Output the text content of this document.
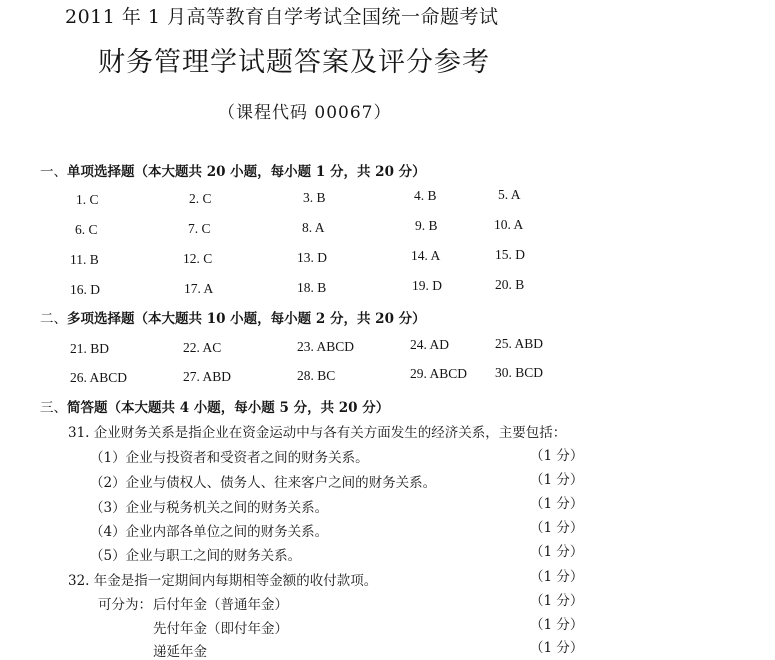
2011 年 1 月高等教育自学考试全国统一命题考试
财务管理学试题答案及评分参考
（课程代码 00067）
一、单项选择题（本大题共 20 小题，每小题 1 分，共 20 分）
1. C	2. C	3. B	4. B	5. A
6. C	7. C	8. A	9. B	10. A
11. B	12. C	13. D	14. A	15. D
16. D	17. A	18. B	19. D	20. B
二、多项选择题（本大题共 10 小题，每小题 2 分，共 20 分）
21. BD	22. AC	23. ABCD	24. AD	25. ABD
26. ABCD	27. ABD	28. BC	29. ABCD 30. BCD
三、简答题（本大题共 4 小题，每小题 5 分，共 20 分）
31. 企业财务关系是指企业在资金运动中与各有关方面发生的经济关系，主要包括：
（1）企业与投资者和受资者之间的财务关系。	（1 分）
（2）企业与债权人、债务人、往来客户之间的财务关系。	（1 分）
（3）企业与税务机关之间的财务关系。	（1 分）
（4）企业内部各单位之间的财务关系。	（1 分）
（5）企业与职工之间的财务关系。	（1 分）
32. 年金是指一定期间内每期相等金额的收付款项。	（1 分）
可分为： 后付年金（普通年金）	（1 分）
先付年金（即付年金）	（1 分）
递延年金	（1 分）
